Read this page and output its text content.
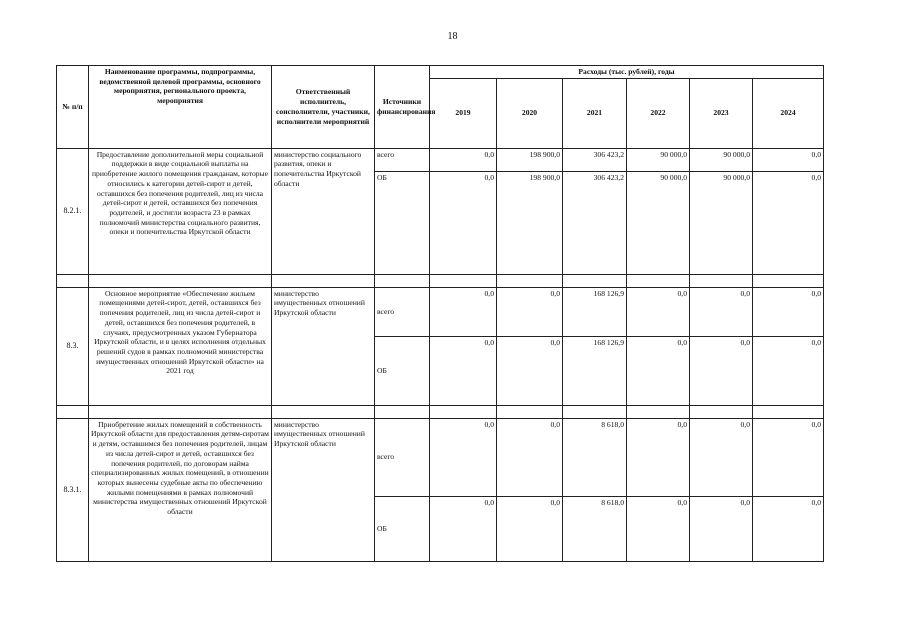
18
№ п/п	Наименование программы, подпрограммы, ведомственной целевой программы, основного мероприятия, регионального проекта, мероприятия	Ответственный исполнитель, соисполнители, участники, исполнители мероприятий	Источники финансирования	Расходы (тыс. рублей), годы					
				2019	2020	2021	2022	2023	2024
8.2.1.	Предоставление дополнительной меры социальной поддержки в виде социальной выплаты на приобретение жилого помещения гражданам, которые относились к категории детей-сирот и детей, оставшихся без попечения родителей, лиц из числа детей-сирот и детей, оставшихся без попечения родителей, и достигли возраста 23 в рамках полномочий министерства социального развития, опеки и попечительства Иркутской области	министерство социального развития, опеки и попечительства Иркутской области	всего	0,0	198 900,0	306 423,2	90 000,0	90 000,0	0,0
			ОБ	0,0	198 900,0	306 423,2	90 000,0	90 000,0	0,0

8.3.	Основное мероприятие «Обеспечение жильем помещениями детей-сирот, детей, оставшихся без попечения родителей, лиц из числа детей-сирот и детей, оставшихся без попечения родителей, в случаях, предусмотренных указом Губернатора Иркутской области, и в целях исполнения отдельных решений судов в рамках полномочий министерства имущественных отношений Иркутской области» на 2021 год	министерство имущественных отношений Иркутской области	всего	0,0	0,0	168 126,9	0,0	0,0	0,0
			ОБ	0,0	0,0	168 126,9	0,0	0,0	0,0

8.3.1.	Приобретение жилых помещений в собственность Иркутской области для предоставления детям-сиротам и детям, оставшимся без попечения родителей, лицам из числа детей-сирот и детей, оставшихся без попечения родителей, по договорам найма специализированных жилых помещений, в отношении которых вынесены судебные акты по обеспечению жилыми помещениями в рамках полномочий министерства имущественных отношений Иркутской области	министерство имущественных отношений Иркутской области	всего	0,0	0,0	8 618,0	0,0	0,0	0,0
			ОБ	0,0	0,0	8 618,0	0,0	0,0	0,0
